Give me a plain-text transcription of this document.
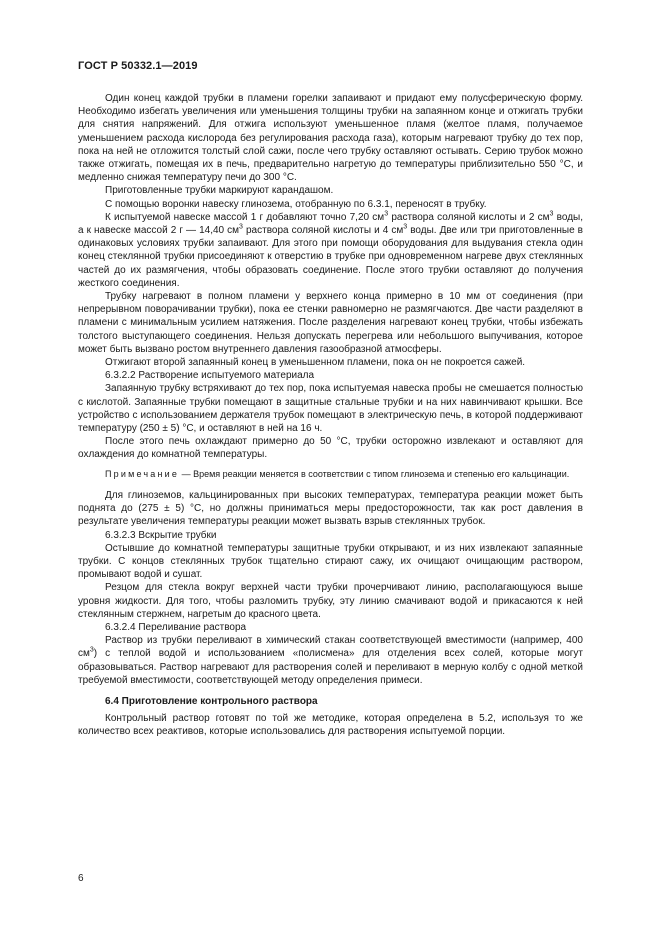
ГОСТ Р 50332.1—2019

Один конец каждой трубки в пламени горелки запаивают и придают ему полусферическую форму. Необходимо избегать увеличения или уменьшения толщины трубки на запаянном конце и отжигать трубки для снятия напряжений. Для отжига используют уменьшенное пламя (желтое пламя, получаемое уменьшением расхода кислорода без регулирования расхода газа), которым нагревают трубку до тех пор, пока на ней не отложится толстый слой сажи, после чего трубку оставляют остывать. Серию трубок можно также отжигать, помещая их в печь, предварительно нагретую до температуры приблизительно 550 °С, и медленно снижая температуру печи до 300 °С.

Приготовленные трубки маркируют карандашом.

С помощью воронки навеску глинозема, отобранную по 6.3.1, переносят в трубку.

К испытуемой навеске массой 1 г добавляют точно 7,20 $см^3$ раствора соляной кислоты и 2 $см^3$ воды, а к навеске массой 2 г — 14,40 $см^3$ раствора соляной кислоты и 4 $см^3$ воды. Две или три приготовленные в одинаковых условиях трубки запаивают. Для этого при помощи оборудования для выдувания стекла один конец стеклянной трубки присоединяют к отверстию в трубке при одновременном нагреве двух стеклянных частей до их размягчения, чтобы образовать соединение. После этого трубки оставляют до получения жесткого соединения.

Трубку нагревают в полном пламени у верхнего конца примерно в 10 мм от соединения (при непрерывном поворачивании трубки), пока ее стенки равномерно не размягчаются. Две части разделяют в пламени с минимальным усилием натяжения. После разделения нагревают конец трубки, чтобы избежать толстого выступающего соединения. Нельзя допускать перегрева или небольшого выпучивания, которое может быть вызвано ростом внутреннего давления газообразной атмосферы.

Отжигают второй запаянный конец в уменьшенном пламени, пока он не покроется сажей.

6.3.2.2 Растворение испытуемого материала

Запаянную трубку встряхивают до тех пор, пока испытуемая навеска пробы не смешается полностью с кислотой. Запаянные трубки помещают в защитные стальные трубки и на них навинчивают крышки. Все устройство с использованием держателя трубок помещают в электрическую печь, в которой поддерживают температуру (250 ± 5) °С, и оставляют в ней на 16 ч.

После этого печь охлаждают примерно до 50 °С, трубки осторожно извлекают и оставляют для охлаждения до комнатной температуры.

Примечание — Время реакции меняется в соответствии с типом глинозема и степенью его кальцинации.

Для глиноземов, кальцинированных при высоких температурах, температура реакции может быть поднята до (275 ± 5) °С, но должны приниматься меры предосторожности, так как рост давления в результате увеличения температуры реакции может вызвать взрыв стеклянных трубок.

6.3.2.3 Вскрытие трубки

Остывшие до комнатной температуры защитные трубки открывают, и из них извлекают запаянные трубки. С концов стеклянных трубок тщательно стирают сажу, их очищают очищающим раствором, промывают водой и сушат.

Резцом для стекла вокруг верхней части трубки прочерчивают линию, располагающуюся выше уровня жидкости. Для того, чтобы разломить трубку, эту линию смачивают водой и прикасаются к ней стеклянным стержнем, нагретым до красного цвета.

6.3.2.4 Переливание раствора

Раствор из трубки переливают в химический стакан соответствующей вместимости (например, 400 $см^3$) с теплой водой и использованием «полисмена» для отделения всех солей, которые могут образовываться. Раствор нагревают для растворения солей и переливают в мерную колбу с одной меткой требуемой вместимости, соответствующей методу определения примеси.

6.4 Приготовление контрольного раствора

Контрольный раствор готовят по той же методике, которая определена в 5.2, используя то же количество всех реактивов, которые использовались для растворения испытуемой порции.

6
